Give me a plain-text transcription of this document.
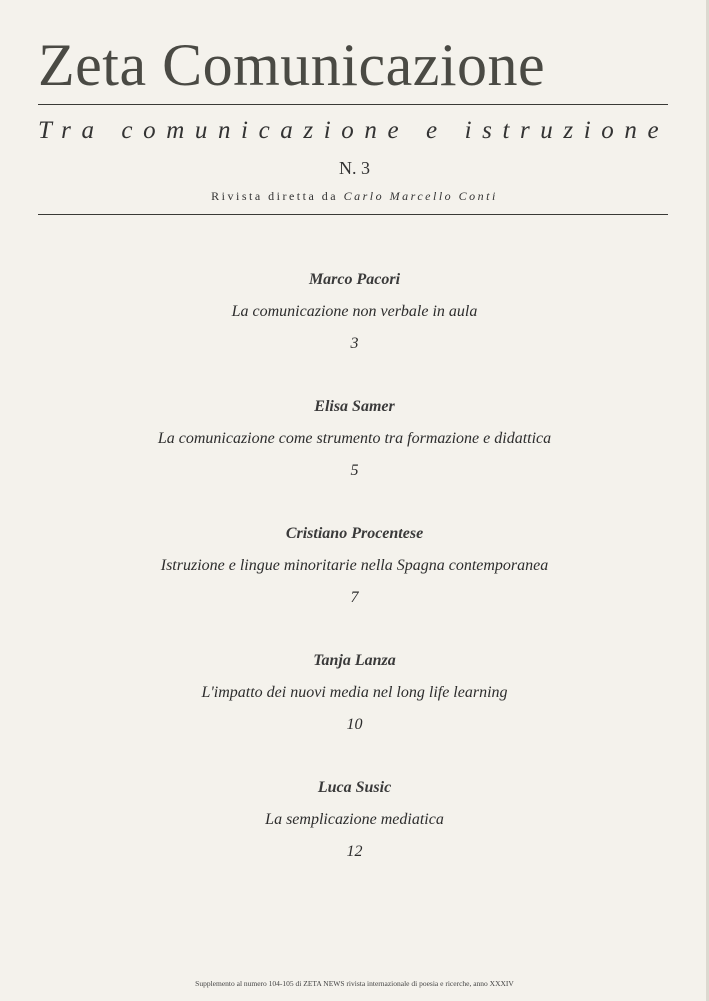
Zeta Comunicazione
Tra comunicazione e istruzione
N. 3
Rivista diretta da Carlo Marcello Conti
Marco Pacori
La comunicazione non verbale in aula
3
Elisa Samer
La comunicazione come strumento tra formazione e didattica
5
Cristiano Procentese
Istruzione e lingue minoritarie nella Spagna contemporanea
7
Tanja Lanza
L'impatto dei nuovi media nel long life learning
10
Luca Susic
La semplicazione mediatica
12
Supplemento al numero 104-105 di ZETA NEWS rivista internazionale di poesia e ricerche, anno XXXIV
